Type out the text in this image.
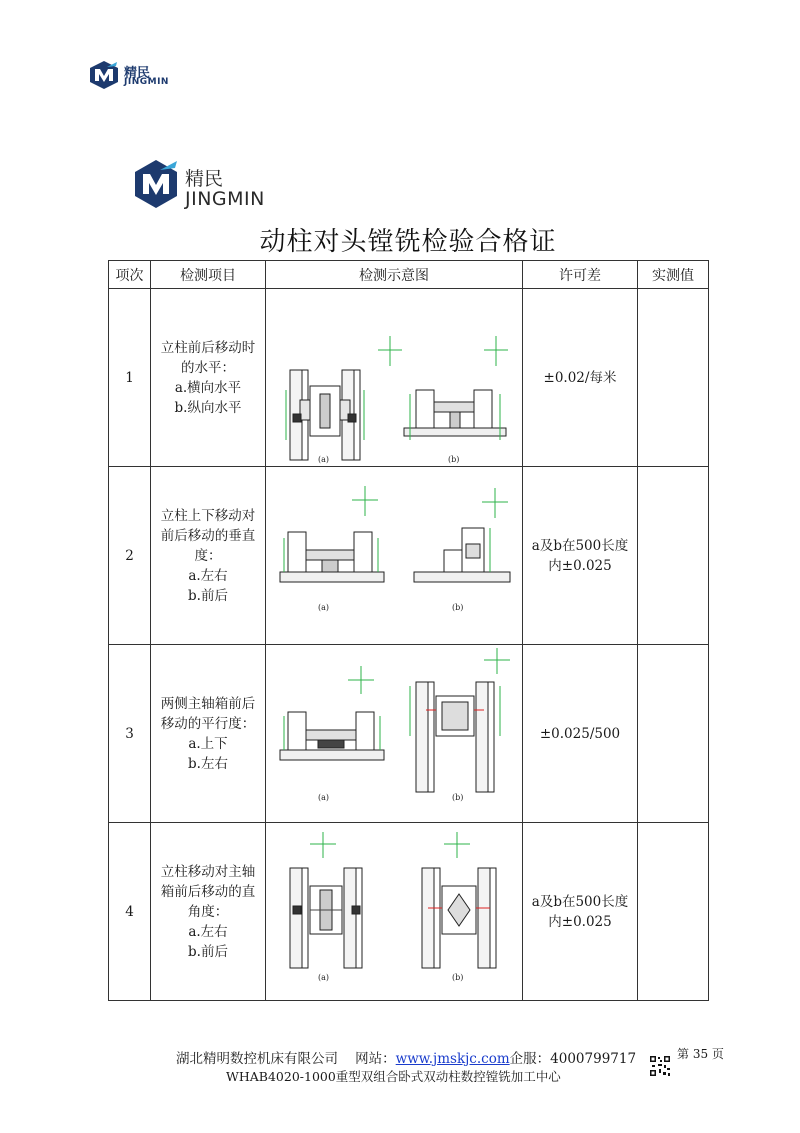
精民
JINGMIN
精民
JINGMIN
动柱对头镗铣检验合格证
项次	检测项目	检测示意图	许可差	实测值
1	立柱前后移动时
的水平：
a.横向水平
b.纵向水平	(a) (b)	±0.02/每米	
2	立柱上下移动对
前后移动的垂直
度：
a.左右
b.前后	(a) (b)	a及b在500长度 内±0.025	
3	两侧主轴箱前后
移动的平行度：
a.上下
b.左右	(a) (b)	±0.025/500	
4	立柱移动对主轴
箱前后移动的直
角度：
a.左右
b.前后	(a) (b)	a及b在500长度 内±0.025	
湖北精明数控机床有限公司 网站：www.jmskjc.com企服：4000799717	第 35 页
WHAB4020-1000重型双组合卧式双动柱数控镗铣加工中心
